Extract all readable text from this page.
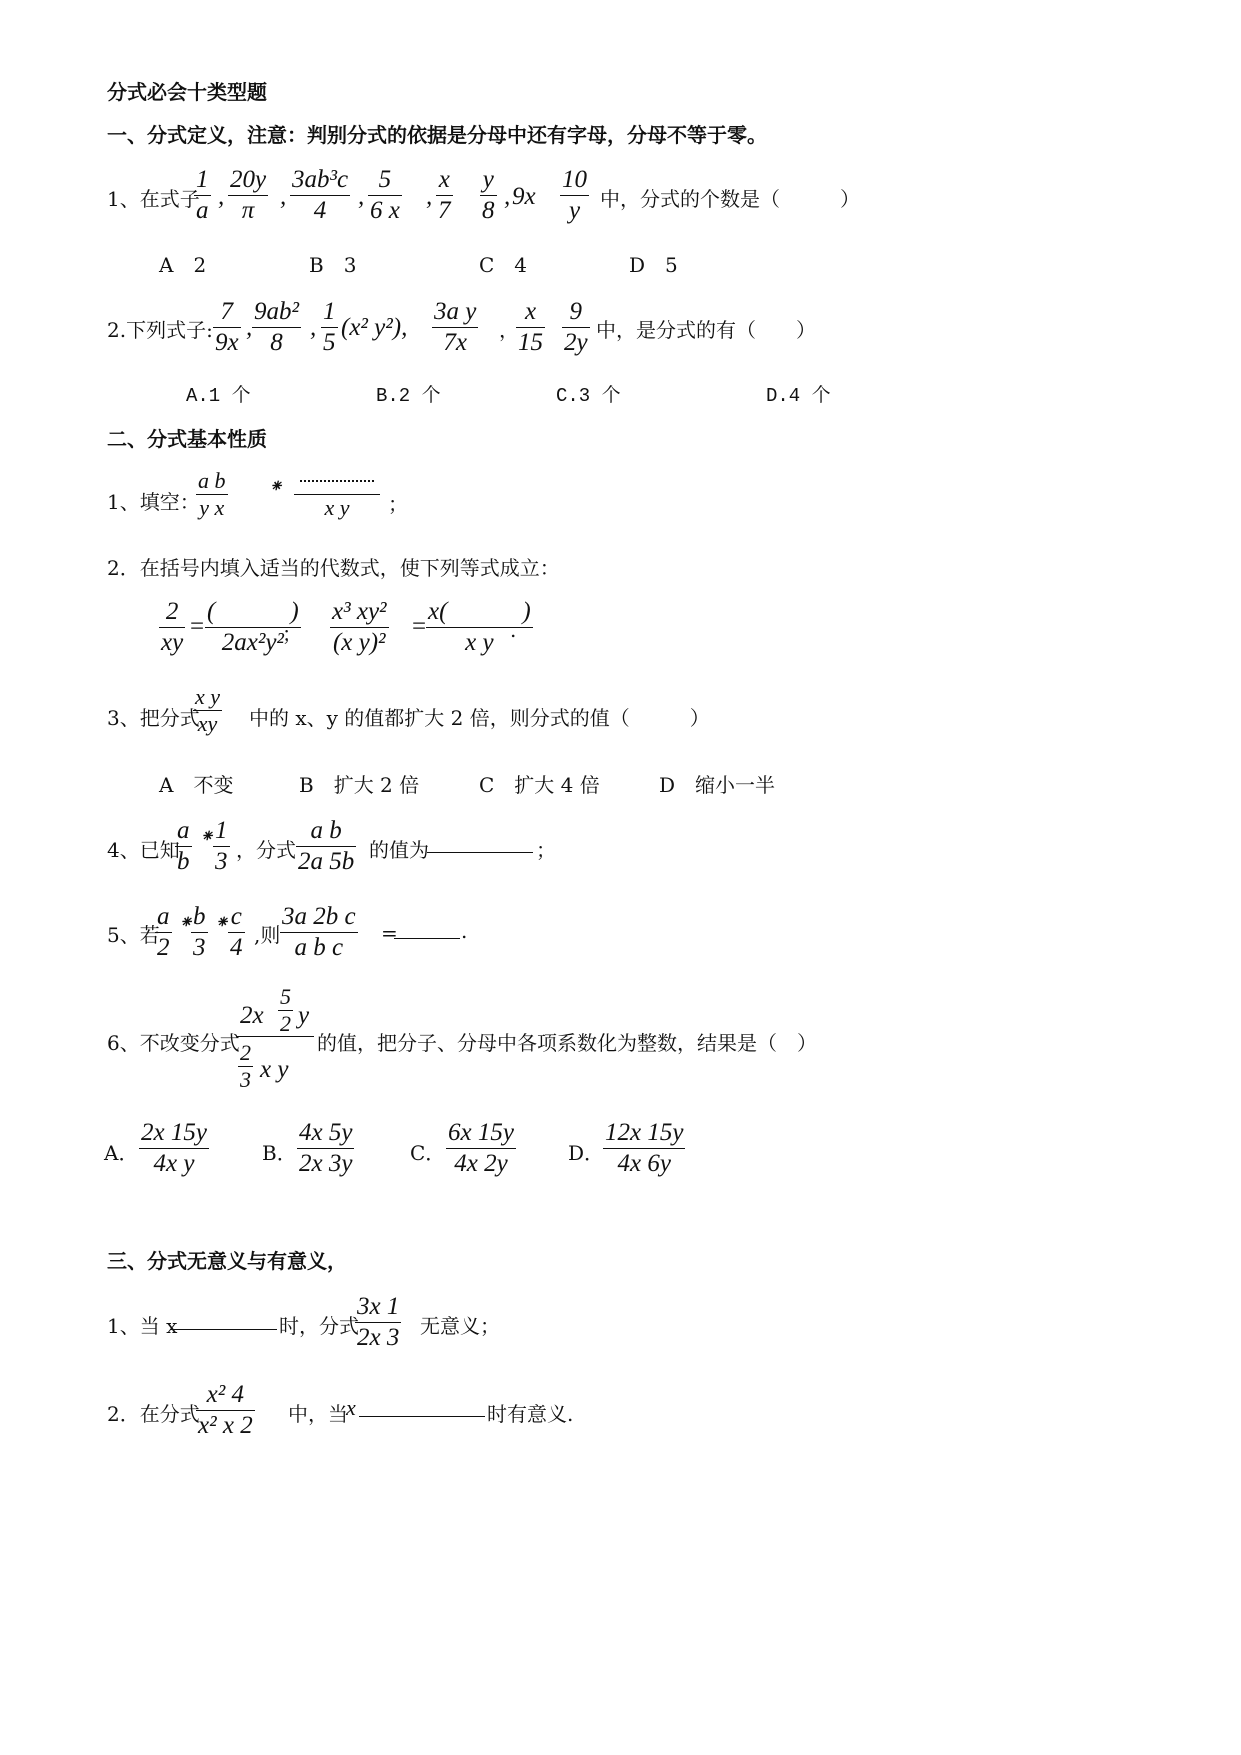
分式必会十类型题
一、分式定义，注意：判别分式的依据是分母中还有字母，分母不等于零。
1、在式子
1
a
,
20y
π
,
3ab³c
4
,
5
6 x
,
x
7
y
8
, 9x
10
y 中，分式的个数是（　　　）
A　2	B　3	C　4	D　5
2.下列式子:
7
9x
,
9ab²
8
,
1
5
(x² y²),
3a y
7x ，
x
15
9
2y 中，是分式的有（　　）
A.1 个	B.2 个	C.3 个	D.4 个
二、分式基本性质
1、填空：
a b
y x
⁕

x y ；
2．在括号内填入适当的代数式，使下列等式成立：
2
xy
=
(　　　)
2ax²y²
；
x³ xy²
(x y)²
=
x(　　　)
x y .
3、把分式
x y
xy 中的 x、y 的值都扩大 2 倍，则分式的值（　　　）
A　不变	B　扩大 2 倍	C　扩大 4 倍	D　缩小一半
4、已知
a
b
⁕ 1
3 ，分式
a b
2a 5b 的值为	；
5、若
a
2
⁕ b
3
⁕ c
4 ,则
3a 2b c
a b c
=	.
6、不改变分式
2x
5
2 y
2
3 x y
的值，把分子、分母中各项系数化为整数，结果是（　）
A．
2x 15y
4x y	B．
4x 5y
2x 3y	C．
6x 15y
4x 2y	D．
12x 15y
4x 6y
三、分式无意义与有意义，
1、当 x	时，分式
3x 1
2x 3 无意义；
2．在分式
x² 4
x² x 2 中，当
x	时有意义.
